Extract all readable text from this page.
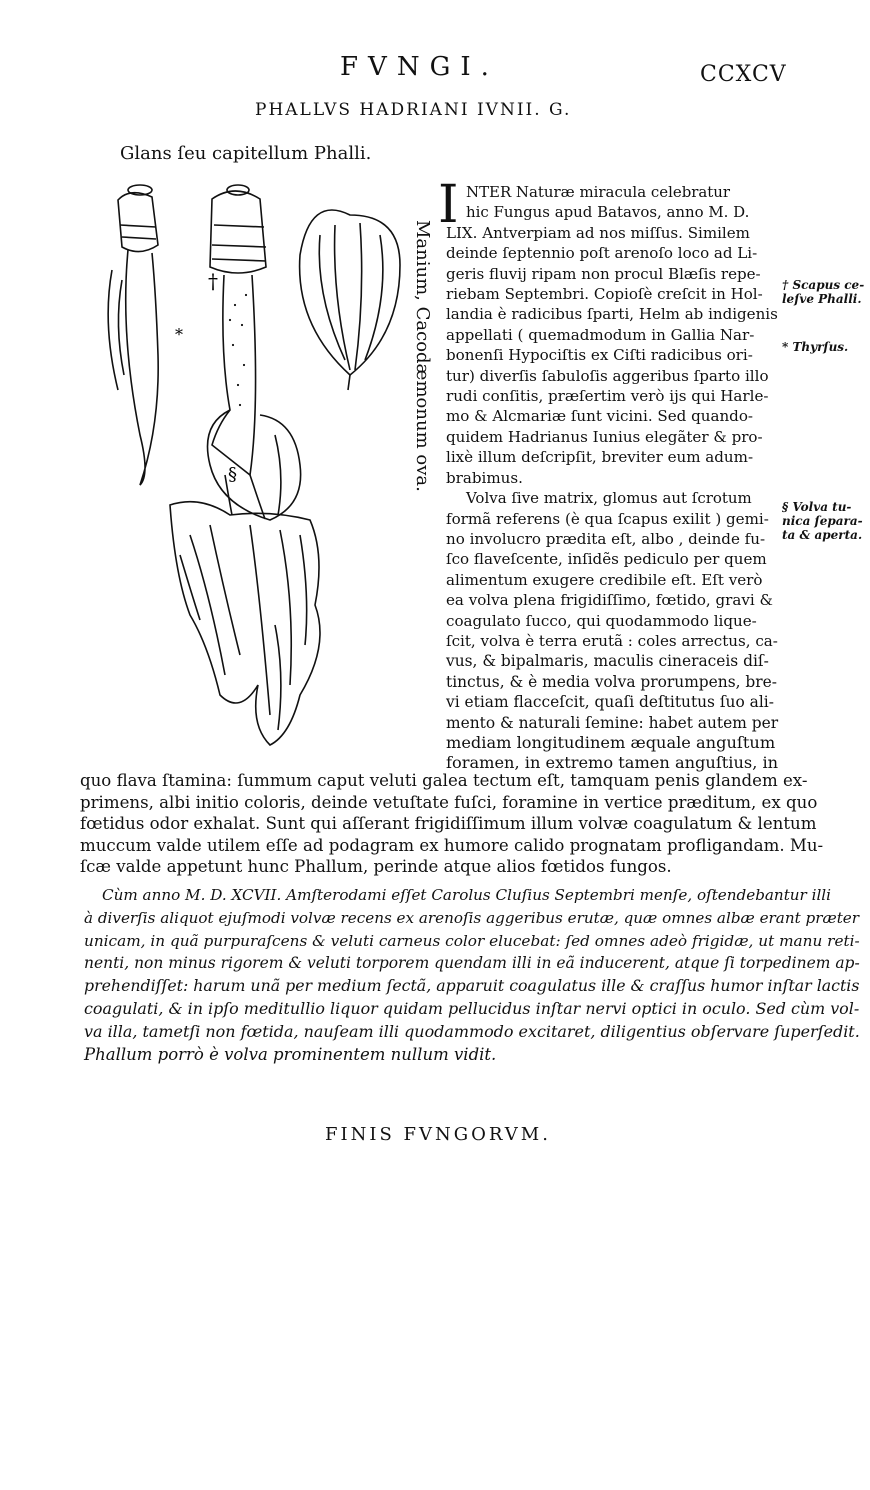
FVNGI.	CCXCV
PHALLVS HADRIANI IVNII. G.
Glans ſeu capitellum Phalli.
†
*
§	Manium, Cacodæmonum ova.
I NTER Naturæ miracula celebratur
hic Fungus apud Batavos, anno M. D.
LIX. Antverpiam ad nos miſſus. Similem
deinde ſeptennio poſt arenoſo loco ad Li-
geris fluvij ripam non procul Blæſis repe-
riebam Septembri. Copioſè creſcit in Hol-
landia è radicibus ſparti, Helm ab indigenis
appellati ( quemadmodum in Gallia Nar-
bonenſi Hypociſtis ex Ciſti radicibus ori-
tur) diverſis ſabuloſis aggeribus ſparto illo
rudi conſitis, præſertim verò ijs qui Harle-
mo & Alcmariæ ſunt vicini. Sed quando-
quidem Hadrianus Iunius elegãter & pro-
lixè illum deſcripſit, breviter eum adum-
brabimus.
Volva ſive matrix, glomus aut ſcrotum
formã referens (è qua ſcapus exilit ) gemi-
no involucro prædita eſt, albo , deinde fu-
ſco flaveſcente, inſidẽs pediculo per quem
alimentum exugere credibile eſt. Eſt verò
ea volva plena frigidiſſimo, fœtido, gravi &
coagulato ſucco, qui quodammodo lique-
ſcit, volva è terra erutã : coles arrectus, ca-
vus, & bipalmaris, maculis cineraceis diſ-
tinctus, & è media volva prorumpens, bre-
vi etiam flacceſcit, quaſi deſtitutus ſuo ali-
mento & naturali ſemine: habet autem per
mediam longitudinem æquale anguſtum
foramen, in extremo tamen anguſtius, in
† Scapus ce-
leſve Phalli.
* Thyrſus.
§ Volva tu-
nica ſepara-
ta & aperta.
quo flava ſtamina: ſummum caput veluti galea tectum eſt, tamquam penis glandem ex-
primens, albi initio coloris, deinde vetuſtate fuſci, foramine in vertice præditum, ex quo
fœtidus odor exhalat. Sunt qui aſſerant frigidiſſimum illum volvæ coagulatum & lentum
muccum valde utilem eſſe ad podagram ex humore calido prognatam profligandam. Mu-
ſcæ valde appetunt hunc Phallum, perinde atque alios fœtidos fungos.
Cùm anno M. D. XCVII. Amſterodami eſſet Carolus Cluſius Septembri menſe, oſtendebantur illi
à diverſis aliquot ejuſmodi volvæ recens ex arenoſis aggeribus erutæ, quæ omnes albæ erant præter
unicam, in quã purpuraſcens & veluti carneus color elucebat: ſed omnes adeò frigidæ, ut manu reti-
nenti, non minus rigorem & veluti torporem quendam illi in eã inducerent, atque ſi torpedinem ap-
prehendiſſet: harum unã per medium ſectã, apparuit coagulatus ille & craſſus humor inſtar lactis
coagulati, & in ipſo meditullio liquor quidam pellucidus inſtar nervi optici in oculo. Sed cùm vol-
va illa, tametſi non fœtida, nauſeam illi quodammodo excitaret, diligentius obſervare ſuperſedit.
Phallum porrò è volva prominentem nullum vidit.
FINIS FVNGORVM.
